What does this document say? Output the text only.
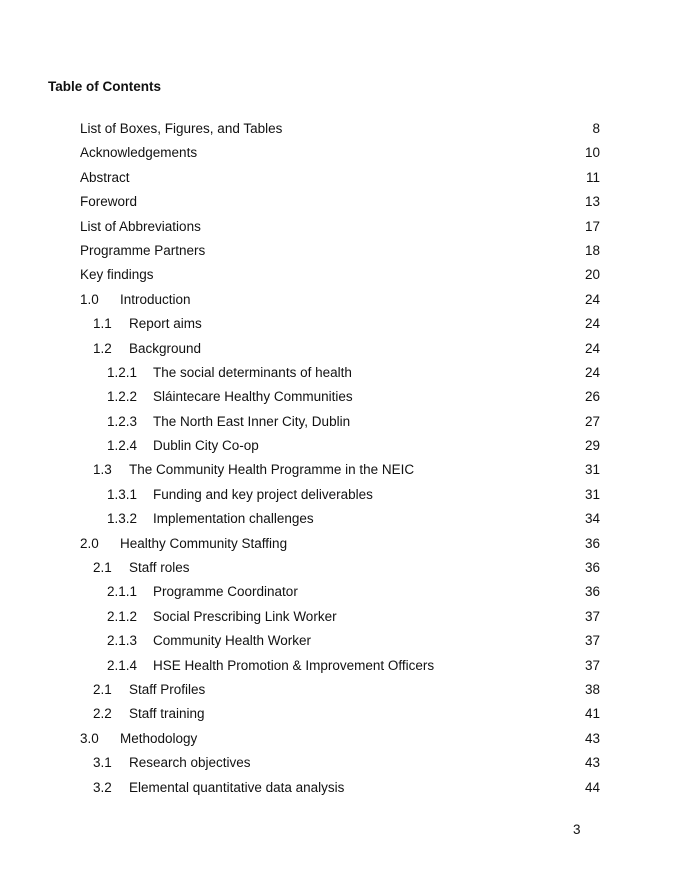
Table of Contents
List of Boxes, Figures, and Tables	8
Acknowledgements	10
Abstract	11
Foreword	13
List of Abbreviations	17
Programme Partners	18
Key findings	20
1.0 Introduction	24
1.1 Report aims	24
1.2 Background	24
1.2.1 The social determinants of health	24
1.2.2 Sláintecare Healthy Communities	26
1.2.3 The North East Inner City, Dublin	27
1.2.4 Dublin City Co-op	29
1.3 The Community Health Programme in the NEIC	31
1.3.1 Funding and key project deliverables	31
1.3.2 Implementation challenges	34
2.0 Healthy Community Staffing	36
2.1 Staff roles	36
2.1.1 Programme Coordinator	36
2.1.2 Social Prescribing Link Worker	37
2.1.3 Community Health Worker	37
2.1.4 HSE Health Promotion & Improvement Officers	37
2.1 Staff Profiles	38
2.2 Staff training	41
3.0 Methodology	43
3.1 Research objectives	43
3.2 Elemental quantitative data analysis	44
3
